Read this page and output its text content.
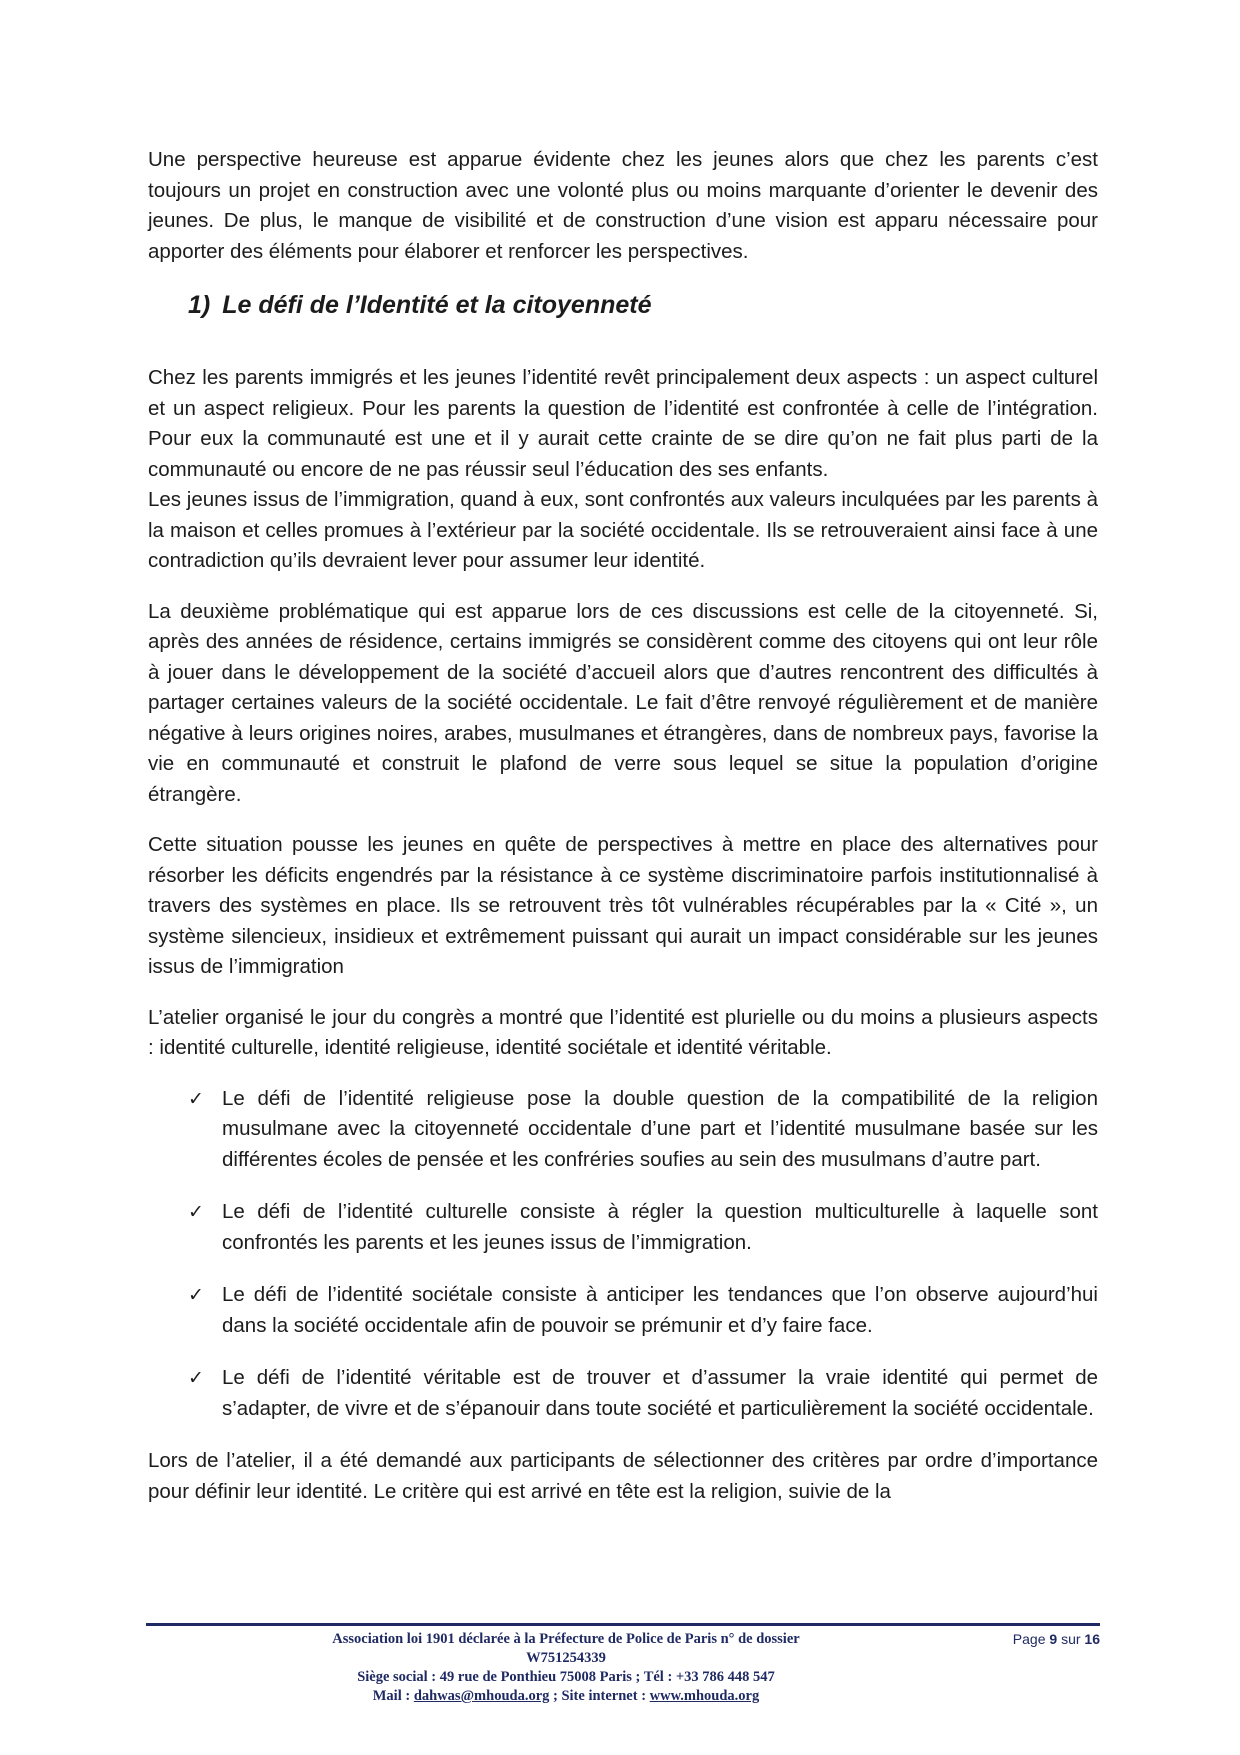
Une perspective heureuse est apparue évidente chez les jeunes alors que chez les parents c’est toujours un projet en construction avec une volonté plus ou moins marquante d’orienter le devenir des jeunes. De plus, le manque de visibilité et de construction d’une vision est apparu nécessaire pour apporter des éléments pour élaborer et renforcer les perspectives.

1) Le défi de l’Identité et la citoyenneté

Chez les parents immigrés et les jeunes l’identité revêt principalement deux aspects : un aspect culturel et un aspect religieux. Pour les parents la question de l’identité est confrontée à celle de l’intégration. Pour eux la communauté est une et il y aurait cette crainte de se dire qu’on ne fait plus parti de la communauté ou encore de ne pas réussir seul l’éducation des ses enfants.

Les jeunes issus de l’immigration, quand à eux, sont confrontés aux valeurs inculquées par les parents à la maison et celles promues à l’extérieur par la société occidentale. Ils se retrouveraient ainsi face à une contradiction qu’ils devraient lever pour assumer leur identité.

La deuxième problématique qui est apparue lors de ces discussions est celle de la citoyenneté. Si, après des années de résidence, certains immigrés se considèrent comme des citoyens qui ont leur rôle à jouer dans le développement de la société d’accueil alors que d’autres rencontrent des difficultés à partager certaines valeurs de la société occidentale. Le fait d’être renvoyé régulièrement et de manière négative à leurs origines noires, arabes, musulmanes et étrangères, dans de nombreux pays, favorise la vie en communauté et construit le plafond de verre sous lequel se situe la population d’origine étrangère.

Cette situation pousse les jeunes en quête de perspectives à mettre en place des alternatives pour résorber les déficits engendrés par la résistance à ce système discriminatoire parfois institutionnalisé à travers des systèmes en place. Ils se retrouvent très tôt vulnérables récupérables par la « Cité », un système silencieux, insidieux et extrêmement puissant qui aurait un impact considérable sur les jeunes issus de l’immigration

L’atelier organisé le jour du congrès a montré que l’identité est plurielle ou du moins a plusieurs aspects : identité culturelle, identité religieuse, identité sociétale et identité véritable.

✓ Le défi de l’identité religieuse pose la double question de la compatibilité de la religion musulmane avec la citoyenneté occidentale d’une part et l’identité musulmane basée sur les différentes écoles de pensée et les confréries soufies au sein des musulmans d’autre part.
✓ Le défi de l’identité culturelle consiste à régler la question multiculturelle à laquelle sont confrontés les parents et les jeunes issus de l’immigration.
✓ Le défi de l’identité sociétale consiste à anticiper les tendances que l’on observe aujourd’hui dans la société occidentale afin de pouvoir se prémunir et d’y faire face.
✓ Le défi de l’identité véritable est de trouver et d’assumer la vraie identité qui permet de s’adapter, de vivre et de s’épanouir dans toute société et particulièrement la société occidentale.

Lors de l’atelier, il a été demandé aux participants de sélectionner des critères par ordre d’importance pour définir leur identité. Le critère qui est arrivé en tête est la religion, suivie de la

Association loi 1901 déclarée à la Préfecture de Police de Paris n° de dossier W751254339
Siège social : 49 rue de Ponthieu 75008 Paris ; Tél : +33 786 448 547
Mail : dahwas@mhouda.org ; Site internet : www.mhouda.org
Page 9 sur 16
